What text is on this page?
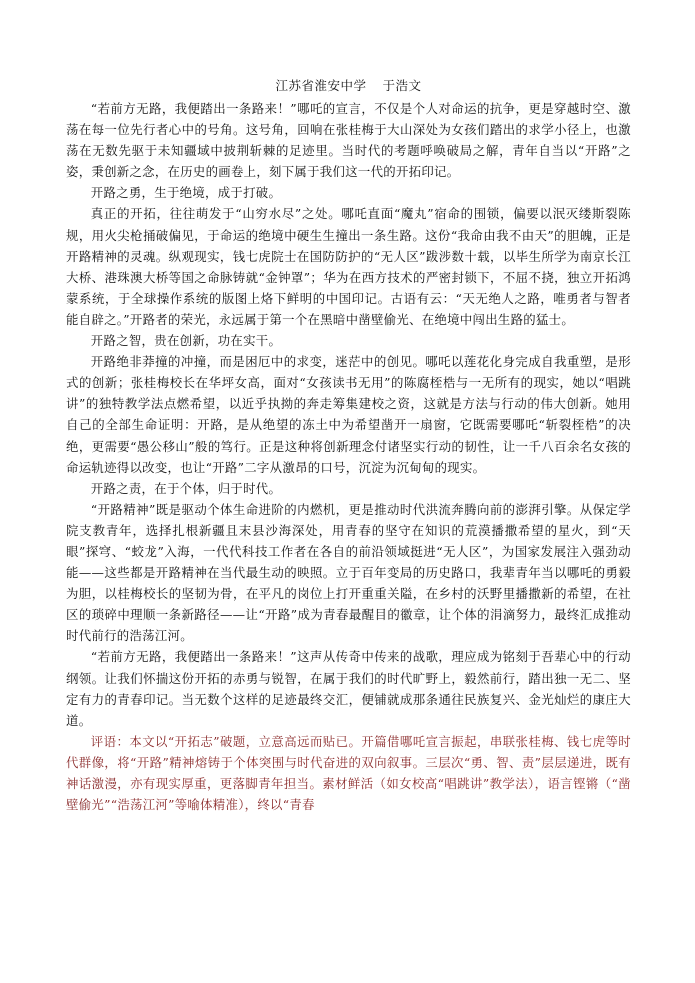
江苏省淮安中学 于浩文

“若前方无路，我便踏出一条路来！”哪吒的宣言，不仅是个人对命运的抗争，更是穿越时空、激荡在每一位先行者心中的号角。这号角，回响在张桂梅于大山深处为女孩们踏出的求学小径上，也激荡在无数先驱于未知疆域中披荆斩棘的足迹里。当时代的考题呼唤破局之解，青年自当以“开路”之姿，秉创新之念，在历史的画卷上，刻下属于我们这一代的开拓印记。

开路之勇，生于绝境，成于打破。

真正的开拓，往往萌发于“山穷水尽”之处。哪吒直面“魔丸”宿命的围锁，偏要以泯灭缕斯裂陈规，用火尖枪捅破偏见，于命运的绝境中硬生生撞出一条生路。这份“我命由我不由天”的胆魄，正是开路精神的灵魂。纵观现实，钱七虎院士在国防防护的“无人区”跋涉数十载，以毕生所学为南京长江大桥、港珠澳大桥等国之命脉铸就“金钟罩”；华为在西方技术的严密封锁下，不屈不挠，独立开拓鸿蒙系统，于全球操作系统的版图上烙下鲜明的中国印记。古语有云：“天无绝人之路，唯勇者与智者能自辟之。”开路者的荣光，永远属于第一个在黑暗中凿壁偷光、在绝境中闯出生路的猛士。

开路之智，贵在创新，功在实干。

开路绝非莽撞的冲撞，而是困厄中的求变，迷茫中的创见。哪吒以莲花化身完成自我重塑，是形式的创新；张桂梅校长在华坪女高，面对“女孩读书无用”的陈腐桎梏与一无所有的现实，她以“唱跳讲”的独特教学法点燃希望，以近乎执拗的奔走筹集建校之资，这就是方法与行动的伟大创新。她用自己的全部生命证明：开路，是从绝望的冻土中为希望凿开一扇窗，它既需要哪吒“斩裂桎梏”的决绝，更需要“愚公移山”般的笃行。正是这种将创新理念付诸坚实行动的韧性，让一千八百余名女孩的命运轨迹得以改变，也让“开路”二字从激昂的口号，沉淀为沉甸甸的现实。

开路之责，在于个体，归于时代。

“开路精神”既是驱动个体生命进阶的内燃机，更是推动时代洪流奔腾向前的澎湃引擎。从保定学院支教青年，选择扎根新疆且末县沙海深处，用青春的坚守在知识的荒漠播撒希望的星火，到“天眼”探穹、“蛟龙”入海，一代代科技工作者在各自的前沿领域挺进“无人区”，为国家发展注入强劲动能——这些都是开路精神在当代最生动的映照。立于百年变局的历史路口，我辈青年当以哪吒的勇毅为胆，以桂梅校长的坚韧为骨，在平凡的岗位上打开重重关隘，在乡村的沃野里播撒新的希望，在社区的琐碎中理顺一条新路径——让“开路”成为青春最醒目的徽章，让个体的涓滴努力，最终汇成推动时代前行的浩荡江河。

“若前方无路，我便踏出一条路来！”这声从传奇中传来的战歌，理应成为铭刻于吾辈心中的行动纲领。让我们怀揣这份开拓的赤勇与锐智，在属于我们的时代旷野上，毅然前行，踏出独一无二、坚定有力的青春印记。当无数个这样的足迹最终交汇，便铺就成那条通往民族复兴、金光灿烂的康庄大道。

评语：本文以“开拓志”破题，立意高远而贴已。开篇借哪吒宣言振起，串联张桂梅、钱七虎等时代群像，将“开路”精神熔铸于个体突围与时代奋进的双向叙事。三层次“勇、智、责”层层递进，既有神话激漫，亦有现实厚重，更落脚青年担当。素材鲜活（如女校高“唱跳讲”教学法），语言铿锵（“凿壁偷光”“浩荡江河”等喻体精准），终以“青春
